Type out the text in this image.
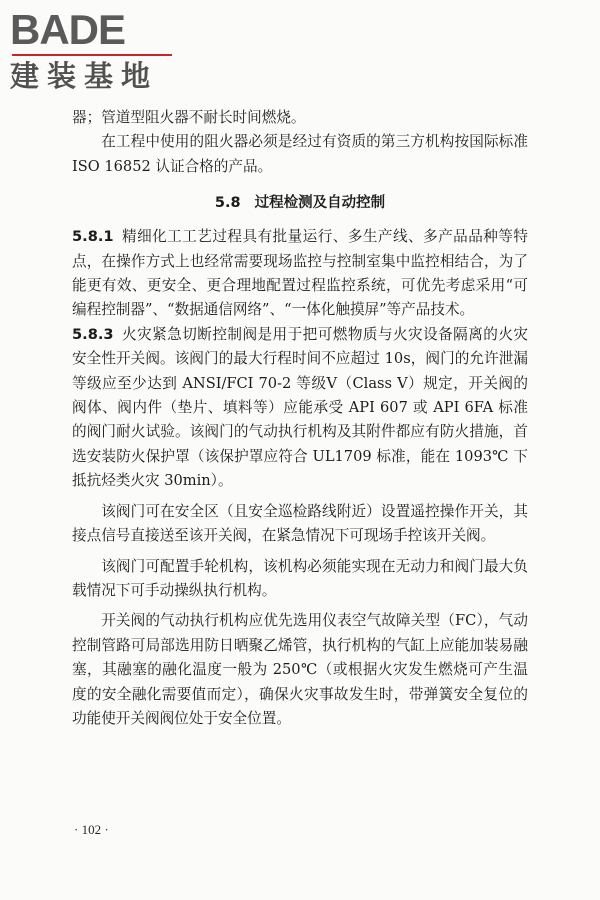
BADE
建装基地

器；管道型阻火器不耐长时间燃烧。

在工程中使用的阻火器必须是经过有资质的第三方机构按国际标准 ISO 16852 认证合格的产品。

5.8 过程检测及自动控制

5.8.1 精细化工工艺过程具有批量运行、多生产线、多产品品种等特点，在操作方式上也经常需要现场监控与控制室集中监控相结合，为了能更有效、更安全、更合理地配置过程监控系统，可优先考虑采用“可编程控制器”、“数据通信网络”、“一体化触摸屏”等产品技术。

5.8.3 火灾紧急切断控制阀是用于把可燃物质与火灾设备隔离的火灾安全性开关阀。该阀门的最大行程时间不应超过 10s，阀门的允许泄漏等级应至少达到 ANSI/FCI 70-2 等级Ⅴ（Class Ⅴ）规定，开关阀的阀体、阀内件（垫片、填料等）应能承受 API 607 或 API 6FA 标准的阀门耐火试验。该阀门的气动执行机构及其附件都应有防火措施，首选安装防火保护罩（该保护罩应符合 UL1709 标准，能在 1093℃ 下抵抗烃类火灾 30min）。

该阀门可在安全区（且安全巡检路线附近）设置遥控操作开关，其接点信号直接送至该开关阀，在紧急情况下可现场手控该开关阀。

该阀门可配置手轮机构，该机构必须能实现在无动力和阀门最大负载情况下可手动操纵执行机构。

开关阀的气动执行机构应优先选用仪表空气故障关型（FC），气动控制管路可局部选用防日晒聚乙烯管，执行机构的气缸上应能加装易融塞，其融塞的融化温度一般为 250℃（或根据火灾发生燃烧可产生温度的安全融化需要值而定），确保火灾事故发生时，带弹簧安全复位的功能使开关阀阀位处于安全位置。

· 102 ·
